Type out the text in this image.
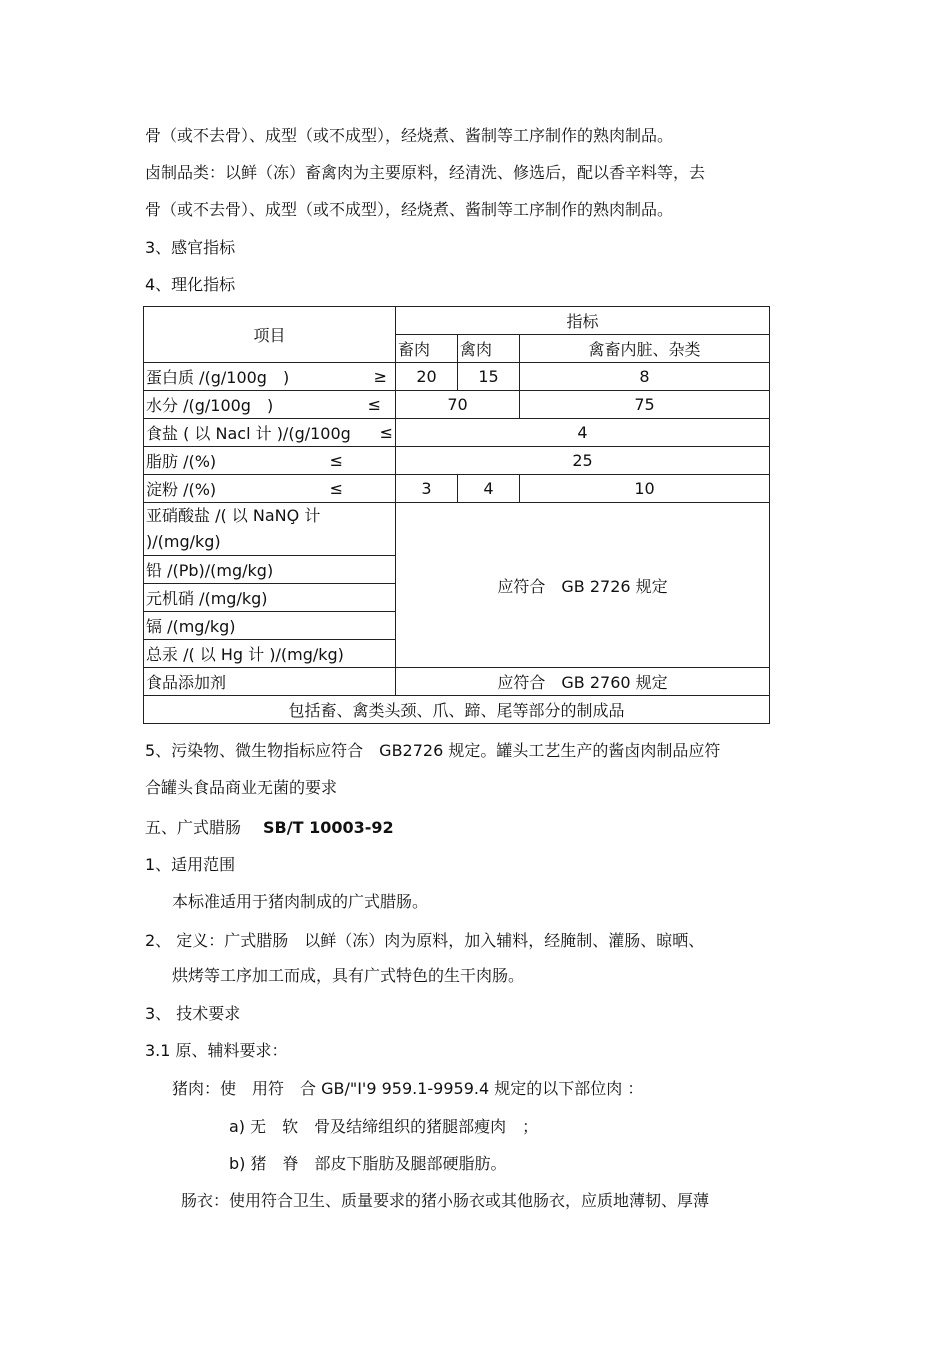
骨（或不去骨）、成型（或不成型），经烧煮、酱制等工序制作的熟肉制品。
卤制品类：以鲜（冻）畜禽肉为主要原料，经清洗、修选后，配以香辛料等，去
骨（或不去骨）、成型（或不成型），经烧煮、酱制等工序制作的熟肉制品。
3、感官指标
4、理化指标
项目	指标		
	畜肉	禽肉	禽畜内脏、杂类
蛋白质 /(g/100g　) ≥	20	15	8
水分 /(g/100g　) ≤	70		75
食盐 ( 以 Nacl 计 )/(g/100g ≤	4		
脂肪 /(%) ≤	25		
淀粉 /(%) ≤	3	4	10
亚硝酸盐 /( 以 NaNO̧ 计 )/(mg/kg)	应符合　GB 2726 规定		
铅 /(Pb)/(mg/kg)			
元机硝 /(mg/kg)			
镉 /(mg/kg)			
总汞 /( 以 Hg 计 )/(mg/kg)			
食品添加剂	应符合　GB 2760 规定		
包括畜、禽类头颈、爪、蹄、尾等部分的制成品			
5、污染物、微生物指标应符合　GB2726 规定。罐头工艺生产的酱卤肉制品应符
合罐头食品商业无菌的要求
五、广式腊肠 SB/T 10003-92
1、适用范围
本标准适用于猪肉制成的广式腊肠。
2、 定义：广式腊肠　以鲜（冻）肉为原料，加入辅料，经腌制、灌肠、晾晒、
烘烤等工序加工而成，具有广式特色的生干肉肠。
3、 技术要求
3.1 原、辅料要求：
猪肉：使　用符　合 GB/"I'9 959.1-9959.4 规定的以下部位肉 ：
a) 无　软　骨及结缔组织的猪腿部瘦肉　；
b) 猪　脊　部皮下脂肪及腿部硬脂肪。
肠衣：使用符合卫生、质量要求的猪小肠衣或其他肠衣，应质地薄韧、厚薄
